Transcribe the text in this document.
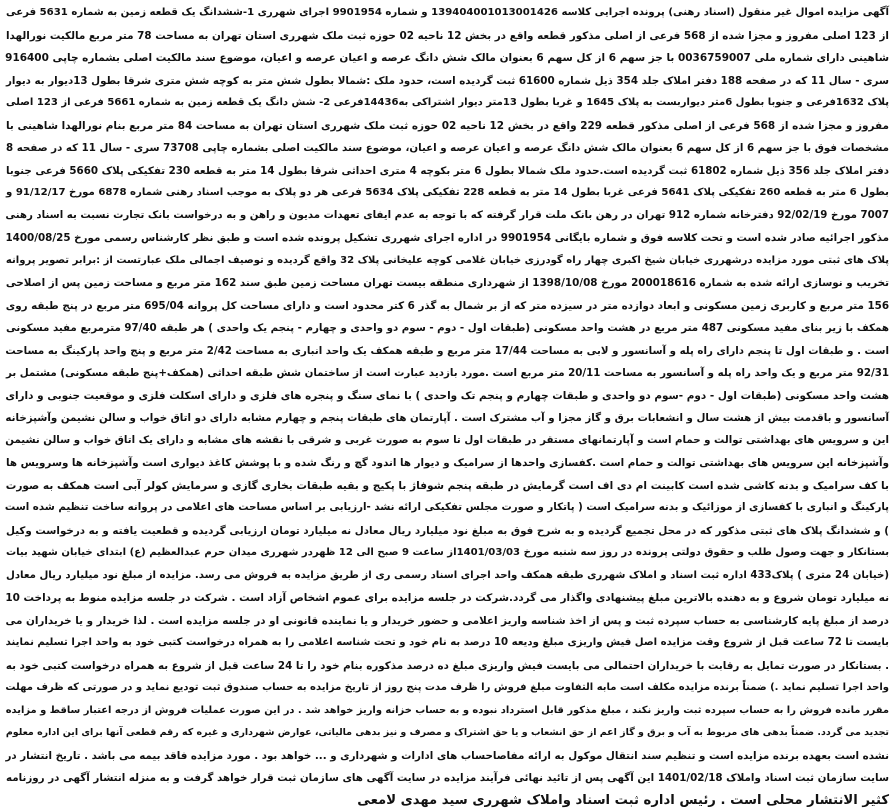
آگهی مزایده اموال غیر منقول (اسناد رهنی) پرونده اجرایی کلاسه 139404001013001426 و شماره 9901954 اجرای شهرری 1-ششدانگ یک قطعه زمین به شماره 5631 فرعی
از 123 اصلی مفروز و مجزا شده از 568 فرعی از اصلی مذکور قطعه واقع در بخش 12 ناحیه 02 حوزه ثبت ملک شهرری استان تهران به مساحت 78 متر مربع مالکیت نورالهدا
شاهینی دارای شماره ملی 0036759007 با جز سهم 6 از کل سهم 6 بعنوان مالک شش دانگ عرصه و اعیان عرصه و اعیان، موضوع سند مالکیت اصلی بشماره چاپی 916400
سری - سال 11 که در صفحه 188 دفتر املاک جلد 354 ذیل شماره 61600 ثبت گردیده است، حدود ملک :شمالا بطول شش متر به کوچه شش متری شرقا بطول 13دیوار به دیوار
پلاک 1632فرعی و جنوبا بطول 6متر دیواربست به پلاک 1645 و غربا بطول 13متر دیوار اشتراکی به14436فرعی 2- شش دانگ یک قطعه زمین به شماره 5661 فرعی از 123 اصلی
مفروز و مجزا شده از 568 فرعی از اصلی مذکور قطعه 229 واقع در بخش 12 ناحیه 02 حوزه ثبت ملک شهرری استان تهران به مساحت 84 متر مربع بنام نورالهدا شاهینی با
مشخصات فوق با جز سهم 6 از کل سهم 6 بعنوان مالک شش دانگ عرصه و اعیان عرصه و اعیان، موضوع سند مالکیت اصلی بشماره چاپی 73708 سری - سال 11 که در صفحه 8
دفتر املاک جلد 356 ذیل شماره 61802 ثبت گردیده است.حدود ملک شمالا بطول 6 متر بکوچه 4 متری احداثی شرقا بطول 14 متر به قطعه 230 تفکیکی پلاک 5660 فرعی جنوبا
بطول 6 متر به قطعه 260 تفکیکی پلاک 5641 فرعی غربا بطول 14 متر به قطعه 228 تفکیکی پلاک 5634 فرعی هر دو پلاک به موجب اسناد رهنی شماره 6878 مورخ 91/12/17 و
7007 مورخ 92/02/19 دفترخانه شماره 912 تهران در رهن بانک ملت قرار گرفته که با توجه به عدم ایفای تعهدات مدیون و راهن و به درخواست بانک تجارت نسبت به اسناد رهنی
مذکور اجرائیه صادر شده است و تحت کلاسه فوق و شماره بایگانی 9901954 در اداره اجرای شهرری تشکیل پرونده شده است و طبق نظر کارشناس رسمی مورخ 1400/08/25
پلاک های ثبتی مورد مزایده درشهرری خیابان شیخ اکبری چهار راه گودرزی خیابان غلامی کوچه علیخانی پلاک 32 واقع گردیده و توصیف اجمالی ملک عبارتست از :برابر تصویر پروانه
تخریب و نوسازی ارائه شده به شماره 200018616 مورخ 1398/10/08 از شهرداری منطقه بیست تهران مساحت زمین طبق سند 162 متر مربع و مساحت زمین پس از اصلاحی
156 متر مربع و کاربری زمین مسکونی و ابعاد دوازده متر در سیزده متر که از بر شمال به گذر 6 کتر محدود است و دارای مساحت کل پروانه 695/04 متر مربع در پنج طبقه روی
همکف با زیر بنای مفید مسکونی 487 متر مربع در هشت واحد مسکونی (طبقات اول - دوم - سوم دو واحدی و چهارم - پنجم یک واحدی ) هر طبقه 97/40 مترمربع مفید مسکونی
است . و طبقات اول تا پنجم دارای راه پله و آسانسور و لابی به مساحت 17/44 متر مربع و طبقه همکف یک واحد انباری به مساحت 2/42 متر مربع و پنج واحد پارکینگ به مساحت
92/31 متر مربع و یک واحد راه پله و آسانسور به مساحت 20/11 متر مربع است .مورد بازدید عبارت است از ساختمان شش طبقه احداثی (همکف+پنج طبقه مسکونی) مشتمل بر
هشت واحد مسکونی (طبقات اول - دوم -سوم دو واحدی و طبقات چهارم و پنجم تک واحدی ) با نمای سنگ و پنجره های فلزی و دارای اسکلت فلزی و موقعیت جنوبی و دارای
آسانسور و باقدمت بیش از هشت سال و انشعابات برق و گاز مجزا و آب مشترک است . آپارتمان های طبقات پنجم و چهارم مشابه دارای دو اتاق خواب و سالن نشیمن وآشپزخانه
این و سرویس های بهداشتی توالت و حمام است و آپارتمانهای مستقر در طبقات اول تا سوم به صورت غربی و شرقی با نقشه های مشابه و دارای یک اتاق خواب و سالن نشیمن
وآشپزخانه این سرویس های بهداشتی توالت و حمام است .کفسازی واحدها از سرامیک و دیوار ها اندود گچ و رنگ شده و با پوشش کاغذ دیواری است وآشپزخانه ها وسرویس ها
با کف سرامیک و بدنه کاشی شده است کابینت ام دی اف است گرمایش در طبقه پنجم شوفاژ با پکیج و بقیه طبقات بخاری گازی و سرمایش کولر آبی است همکف به صورت
پارکینگ و انباری با کفسازی از موزائیک و بدنه سرامیک است ( پاتکار و صورت مجلس تفکیکی ارائه نشد -ارزیابی بر اساس مساحت های اعلامی در پروانه ساخت تنظیم شده است
) و ششدانگ پلاک های ثبتی مذکور که در محل تجمیع گردیده و به شرح فوق به مبلغ نود میلیارد ریال معادل نه میلیارد تومان ارزیابی گردیده و قطعیت یافته و به درخواست وکیل
بستانکار و جهت وصول طلب و حقوق دولتی پرونده در روز سه شنبه مورخ 1401/03/03از ساعت 9 صبح الی 12 ظهردر شهرری میدان حرم عبدالعظیم (ع) ابتدای خیابان شهید بیات
(خیابان 24 متری ) پلاک433 اداره ثبت اسناد و املاک شهرری طبقه همکف واحد اجرای اسناد رسمی ری از طریق مزایده به فروش می رسد. مزایده از مبلغ نود میلیارد ریال معادل
نه میلیارد تومان شروع و به دهنده بالاترین مبلغ پیشنهادی واگذار می گردد.شرکت در جلسه مزایده برای عموم اشخاص آزاد است . شرکت در جلسه مزایده منوط به پرداخت 10
درصد از مبلغ پایه کارشناسی به حساب سپرده ثبت و پس از اخذ شناسه واریز اعلامی و حضور خریدار و یا نماینده قانونی او در جلسه مزایده است . لذا خریدار و یا خریداران می
بایست تا 72 ساعت قبل از شروع وقت مزایده اصل فیش واریزی مبلغ ودیعه 10 درصد به نام خود و تحت شناسه اعلامی را به همراه درخواست کتبی خود به واحد اجرا تسلیم نمایند
. بستانکار در صورت تمایل به رقابت با خریداران احتمالی می بایست فیش واریزی مبلغ ده درصد مذکوره بنام خود را تا 24 ساعت قبل از شروع به همراه درخواست کتبی خود به
واحد اجرا تسلیم نماید .) ضمناً برنده مزایده مکلف است مابه التفاوت مبلغ فروش را ظرف مدت پنج روز از تاریخ مزایده به حساب صندوق ثبت تودیع نماید و در صورتی که ظرف مهلت
مقرر مانده فروش را به حساب سپرده ثبت واریز نکند ، مبلغ مذکور قابل استرداد نبوده و به حساب خزانه واریز خواهد شد . در این صورت عملیات فروش از درجه اعتبار ساقط و مزایده
تجدید می گردد. ضمناً بدهی های مربوط به آب و برق و گاز اعم از حق انشعاب و یا حق اشتراک و مصرف و نیز بدهی مالیاتی، عوارض شهرداری و غیره که رقم قطعی آنها برای این اداره معلوم
نشده است بعهده برنده مزایده است و تنظیم سند انتقال موکول به ارائه مفاصاحساب های ادارات و شهرداری و ... خواهد بود . مورد مزایده فاقد بیمه می باشد . تاریخ انتشار در
سایت سازمان ثبت اسناد واملاک 1401/02/18 این آگهی پس از تائید نهائی فرآیند مزایده در سایت آگهی های سازمان ثبت قرار خواهد گرفت و به منزله انتشار آگهی در روزنامه
کثیر الانتشار محلی است . رئیس اداره ثبت اسناد واملاک شهرری سید مهدی لامعی
